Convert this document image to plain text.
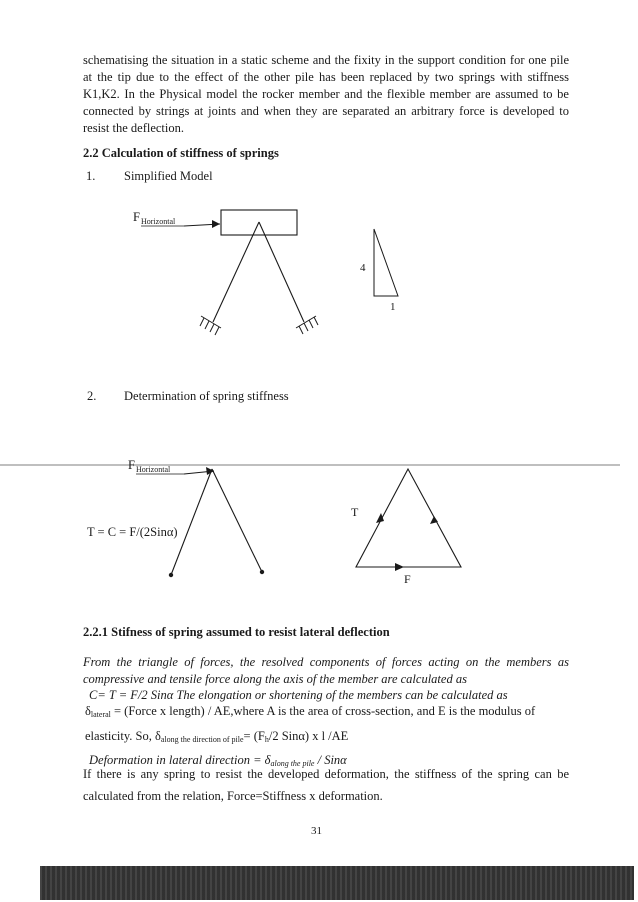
schematising the situation in a static scheme and the fixity in the support condition for one pile at the tip due to the effect of the other pile has been replaced by two springs with stiffness K1,K2. In the Physical model the rocker member and the flexible member are assumed to be connected by strings at joints and when they are separated an arbitrary force is developed to resist the deflection.
2.2 Calculation of stiffness of springs
1. Simplified Model
F Horizontal
4
1
2. Determination of spring stiffness
F Horizontal
T = C = F/(2Sinα)
T
F
2.2.1 Stifness of spring assumed to resist lateral deflection
From the triangle of forces, the resolved components of forces acting on the members as compressive and tensile force along the axis of the member are calculated as
C= T = F/2 Sinα The elongation or shortening of the members can be calculated as
$\delta_{lateral}$ = (Force x length) / AE,where A is the area of cross-section, and E is the modulus of
elasticity. So, $\delta_{along the direction of pile}= (F_h/2$ Sinα) x l /AE
Deformation in lateral direction = $\delta_{along the pile}$ / Sinα
If there is any spring to resist the developed deformation, the stiffness of the spring can be calculated from the relation, Force=Stiffness x deformation.
31
